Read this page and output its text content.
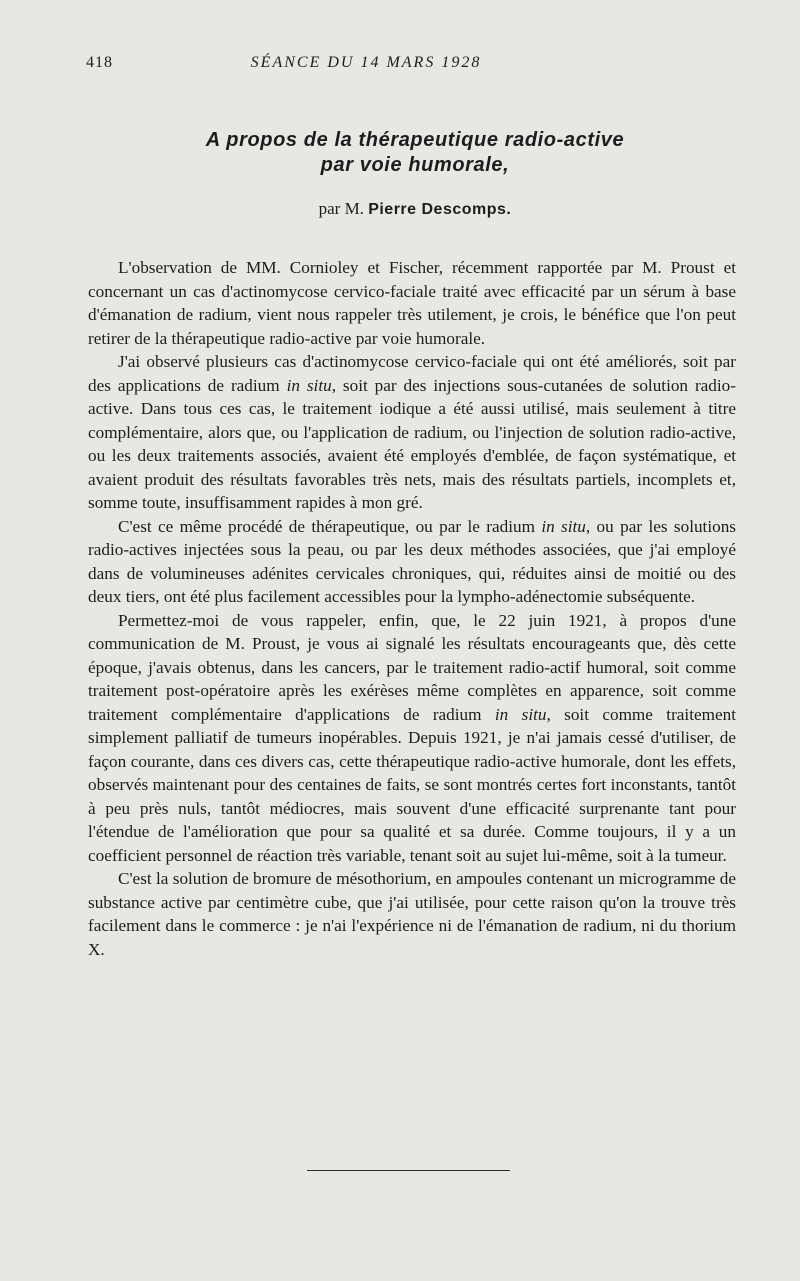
418	SÉANCE DU 14 MARS 1928
A propos de la thérapeutique radio-active
par voie humorale,
par M. Pierre Descomps.

L'observation de MM. Cornioley et Fischer, récemment rapportée par M. Proust et concernant un cas d'actinomycose cervico-faciale traité avec efficacité par un sérum à base d'émanation de radium, vient nous rappeler très utilement, je crois, le bénéfice que l'on peut retirer de la thérapeutique radio-active par voie humorale.

J'ai observé plusieurs cas d'actinomycose cervico-faciale qui ont été améliorés, soit par des applications de radium in situ, soit par des injections sous-cutanées de solution radio-active. Dans tous ces cas, le traitement iodique a été aussi utilisé, mais seulement à titre complémentaire, alors que, ou l'application de radium, ou l'injection de solution radio-active, ou les deux traitements associés, avaient été employés d'emblée, de façon systématique, et avaient produit des résultats favorables très nets, mais des résultats partiels, incomplets et, somme toute, insuffisamment rapides à mon gré.

C'est ce même procédé de thérapeutique, ou par le radium in situ, ou par les solutions radio-actives injectées sous la peau, ou par les deux méthodes associées, que j'ai employé dans de volumineuses adénites cervicales chroniques, qui, réduites ainsi de moitié ou des deux tiers, ont été plus facilement accessibles pour la lympho-adénectomie subséquente.

Permettez-moi de vous rappeler, enfin, que, le 22 juin 1921, à propos d'une communication de M. Proust, je vous ai signalé les résultats encourageants que, dès cette époque, j'avais obtenus, dans les cancers, par le traitement radio-actif humoral, soit comme traitement post-opératoire après les exérèses même complètes en apparence, soit comme traitement complémentaire d'applications de radium in situ, soit comme traitement simplement palliatif de tumeurs inopérables. Depuis 1921, je n'ai jamais cessé d'utiliser, de façon courante, dans ces divers cas, cette thérapeutique radio-active humorale, dont les effets, observés maintenant pour des centaines de faits, se sont montrés certes fort inconstants, tantôt à peu près nuls, tantôt médiocres, mais souvent d'une efficacité surprenante tant pour l'étendue de l'amélioration que pour sa qualité et sa durée. Comme toujours, il y a un coefficient personnel de réaction très variable, tenant soit au sujet lui-même, soit à la tumeur.

C'est la solution de bromure de mésothorium, en ampoules contenant un microgramme de substance active par centimètre cube, que j'ai utilisée, pour cette raison qu'on la trouve très facilement dans le commerce : je n'ai l'expérience ni de l'émanation de radium, ni du thorium X.
